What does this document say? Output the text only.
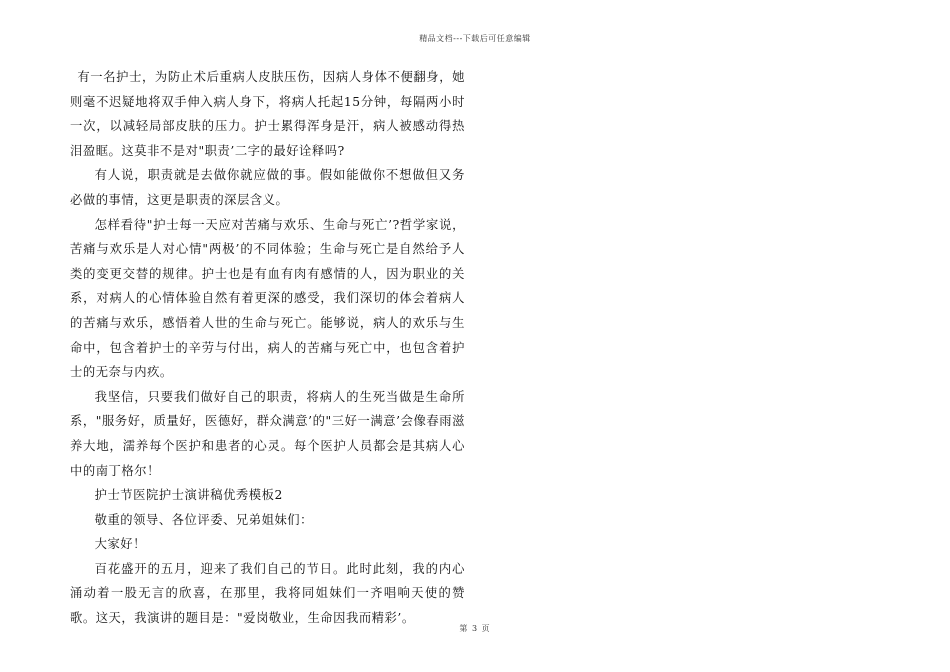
精品文档---下载后可任意编辑

有一名护士，为防止术后重病人皮肤压伤，因病人身体不便翻身，她则毫不迟疑地将双手伸入病人身下，将病人托起15分钟，每隔两小时一次，以减轻局部皮肤的压力。护士累得浑身是汗，病人被感动得热泪盈眶。这莫非不是对"职责’二字的最好诠释吗?

有人说，职责就是去做你就应做的事。假如能做你不想做但又务必做的事情，这更是职责的深层含义。

怎样看待"护士每一天应对苦痛与欢乐、生命与死亡’?哲学家说，苦痛与欢乐是人对心情"两极’的不同体验；生命与死亡是自然给予人类的变更交替的规律。护士也是有血有肉有感情的人，因为职业的关系，对病人的心情体验自然有着更深的感受，我们深切的体会着病人的苦痛与欢乐，感悟着人世的生命与死亡。能够说，病人的欢乐与生命中，包含着护士的辛劳与付出，病人的苦痛与死亡中，也包含着护士的无奈与内疚。

我坚信，只要我们做好自己的职责，将病人的生死当做是生命所系，"服务好，质量好，医德好，群众满意’的"三好一满意’会像春雨滋养大地，濡养每个医护和患者的心灵。每个医护人员都会是其病人心中的南丁格尔！

护士节医院护士演讲稿优秀模板2

敬重的领导、各位评委、兄弟姐妹们：

大家好！

百花盛开的五月，迎来了我们自己的节日。此时此刻，我的内心涌动着一股无言的欣喜，在那里，我将同姐妹们一齐唱响天使的赞歌。这天，我演讲的题目是："爱岗敬业，生命因我而精彩’。

第 3 页
